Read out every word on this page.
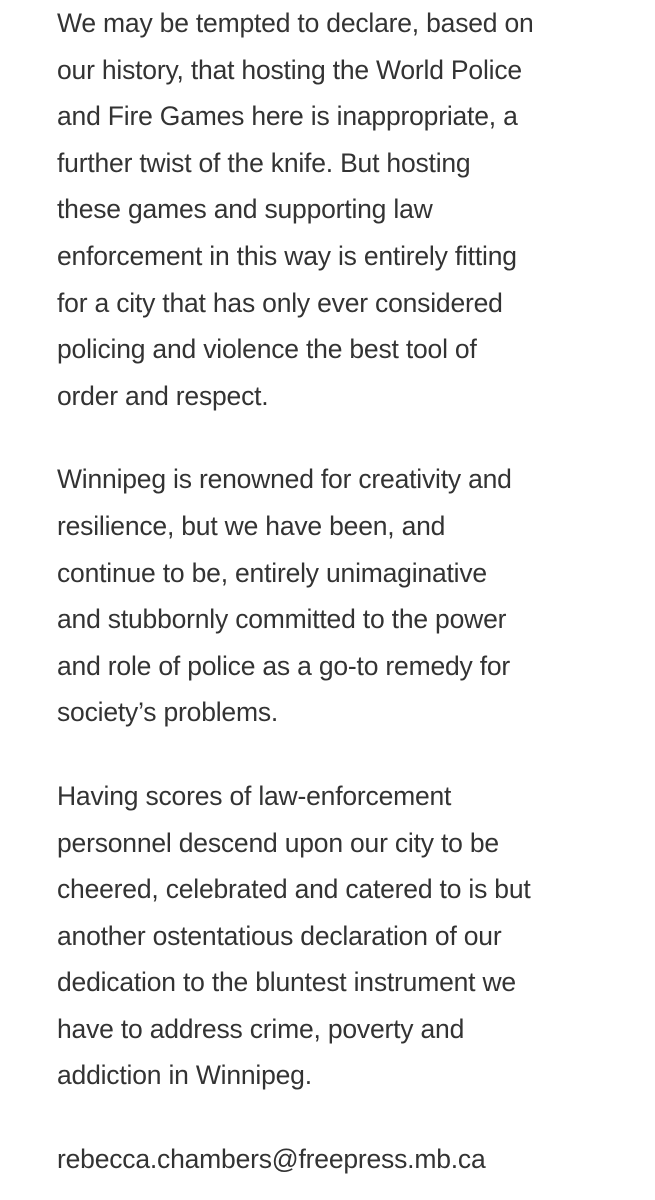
We may be tempted to declare, based on
our history, that hosting the World Police
and Fire Games here is inappropriate, a
further twist of the knife. But hosting
these games and supporting law
enforcement in this way is entirely fitting
for a city that has only ever considered
policing and violence the best tool of
order and respect.

Winnipeg is renowned for creativity and
resilience, but we have been, and
continue to be, entirely unimaginative
and stubbornly committed to the power
and role of police as a go-to remedy for
society’s problems.

Having scores of law-enforcement
personnel descend upon our city to be
cheered, celebrated and catered to is but
another ostentatious declaration of our
dedication to the bluntest instrument we
have to address crime, poverty and
addiction in Winnipeg.

rebecca.chambers@freepress.mb.ca
